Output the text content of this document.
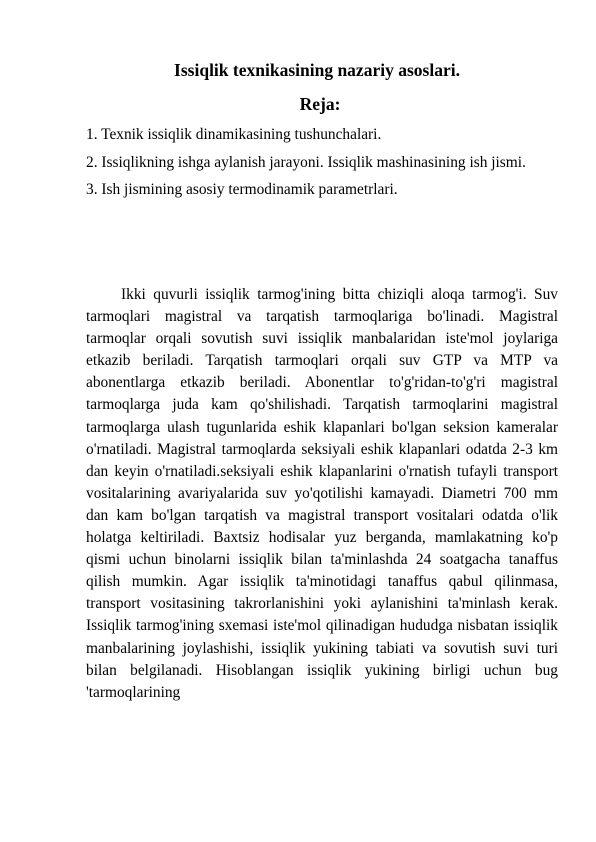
Issiqlik texnikasining nazariy asoslari.
Reja:
1. Texnik issiqlik dinamikasining tushunchalari.
2. Issiqlikning ishga aylanish jarayoni. Issiqlik mashinasining ish jismi.
3. Ish jismining asosiy termodinamik parametrlari.

Ikki quvurli issiqlik tarmog'ining bitta chiziqli aloqa tarmog'i. Suv tarmoqlari magistral va tarqatish tarmoqlariga bo'linadi. Magistral tarmoqlar orqali sovutish suvi issiqlik manbalaridan iste'mol joylariga etkazib beriladi. Tarqatish tarmoqlari orqali suv GTP va MTP va abonentlarga etkazib beriladi. Abonentlar to'g'ridan-to'g'ri magistral tarmoqlarga juda kam qo'shilishadi. Tarqatish tarmoqlarini magistral tarmoqlarga ulash tugunlarida eshik klapanlari bo'lgan seksion kameralar o'rnatiladi. Magistral tarmoqlarda seksiyali eshik klapanlari odatda 2-3 km dan keyin o'rnatiladi.seksiyali eshik klapanlarini o'rnatish tufayli transport vositalarining avariyalarida suv yo'qotilishi kamayadi. Diametri 700 mm dan kam bo'lgan tarqatish va magistral transport vositalari odatda o'lik holatga keltiriladi. Baxtsiz hodisalar yuz berganda, mamlakatning ko'p qismi uchun binolarni issiqlik bilan ta'minlashda 24 soatgacha tanaffus qilish mumkin. Agar issiqlik ta'minotidagi tanaffus qabul qilinmasa, transport vositasining takrorlanishini yoki aylanishini ta'minlash kerak. Issiqlik tarmog'ining sxemasi iste'mol qilinadigan hududga nisbatan issiqlik manbalarining joylashishi, issiqlik yukining tabiati va sovutish suvi turi bilan belgilanadi. Hisoblangan issiqlik yukining birligi uchun bug 'tarmoqlarining
